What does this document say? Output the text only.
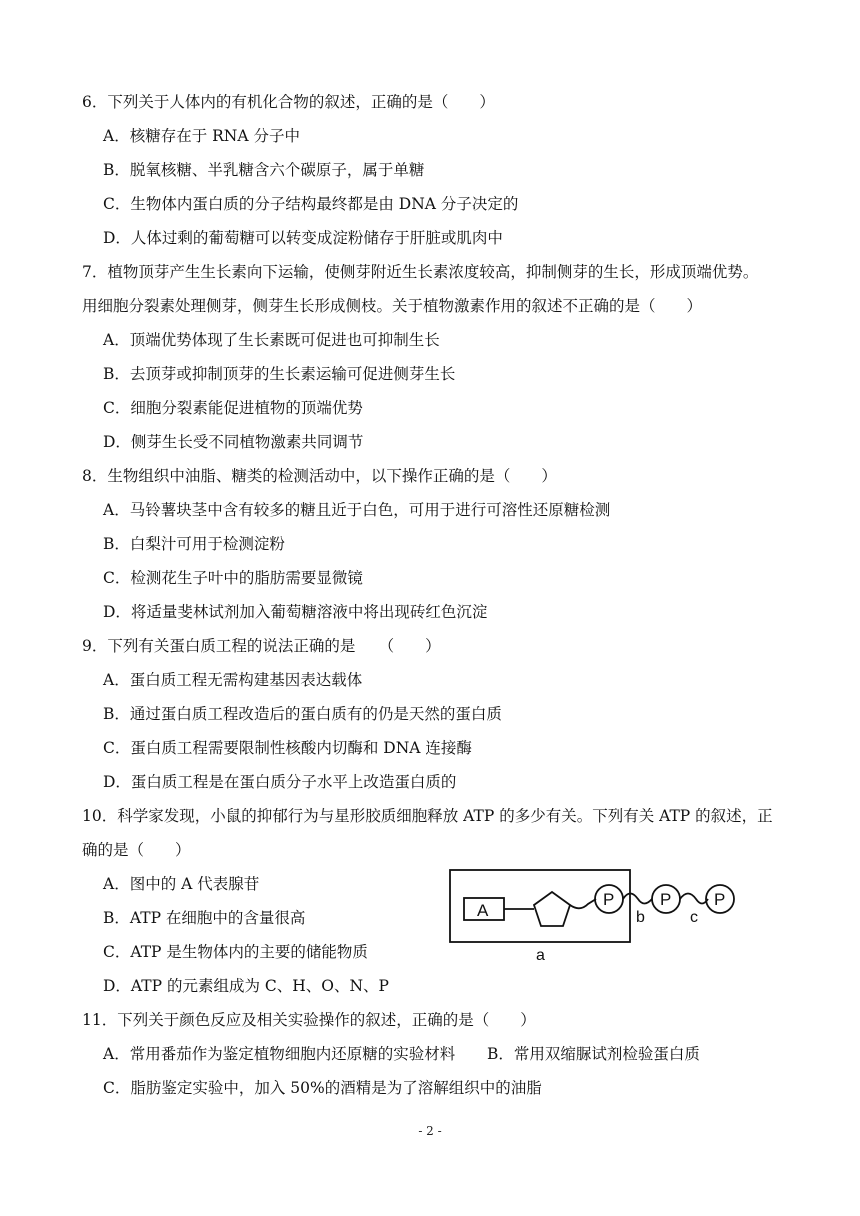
6．下列关于人体内的有机化合物的叙述，正确的是（　　）
A．核糖存在于 RNA 分子中
B．脱氧核糖、半乳糖含六个碳原子，属于单糖
C．生物体内蛋白质的分子结构最终都是由 DNA 分子决定的
D．人体过剩的葡萄糖可以转变成淀粉储存于肝脏或肌肉中
7．植物顶芽产生生长素向下运输，使侧芽附近生长素浓度较高，抑制侧芽的生长，形成顶端优势。
用细胞分裂素处理侧芽，侧芽生长形成侧枝。关于植物激素作用的叙述不正确的是（　　）
A．顶端优势体现了生长素既可促进也可抑制生长
B．去顶芽或抑制顶芽的生长素运输可促进侧芽生长
C．细胞分裂素能促进植物的顶端优势
D．侧芽生长受不同植物激素共同调节
8．生物组织中油脂、糖类的检测活动中，以下操作正确的是（　　）
A．马铃薯块茎中含有较多的糖且近于白色，可用于进行可溶性还原糖检测
B．白梨汁可用于检测淀粉
C．检测花生子叶中的脂肪需要显微镜
D．将适量斐林试剂加入葡萄糖溶液中将出现砖红色沉淀
9．下列有关蛋白质工程的说法正确的是　　（　　）
A．蛋白质工程无需构建基因表达载体
B．通过蛋白质工程改造后的蛋白质有的仍是天然的蛋白质
C．蛋白质工程需要限制性核酸内切酶和 DNA 连接酶
D．蛋白质工程是在蛋白质分子水平上改造蛋白质的
10．科学家发现，小鼠的抑郁行为与星形胶质细胞释放 ATP 的多少有关。下列有关 ATP 的叙述，正
确的是（　　）
A．图中的 A 代表腺苷
B．ATP 在细胞中的含量很高
C．ATP 是生物体内的主要的储能物质
D．ATP 的元素组成为 C、H、O、N、P
A
P	P	P
b	c
a
11．下列关于颜色反应及相关实验操作的叙述，正确的是（　　）
A．常用番茄作为鉴定植物细胞内还原糖的实验材料 B．常用双缩脲试剂检验蛋白质
C．脂肪鉴定实验中，加入 50%的酒精是为了溶解组织中的油脂
- 2 -
